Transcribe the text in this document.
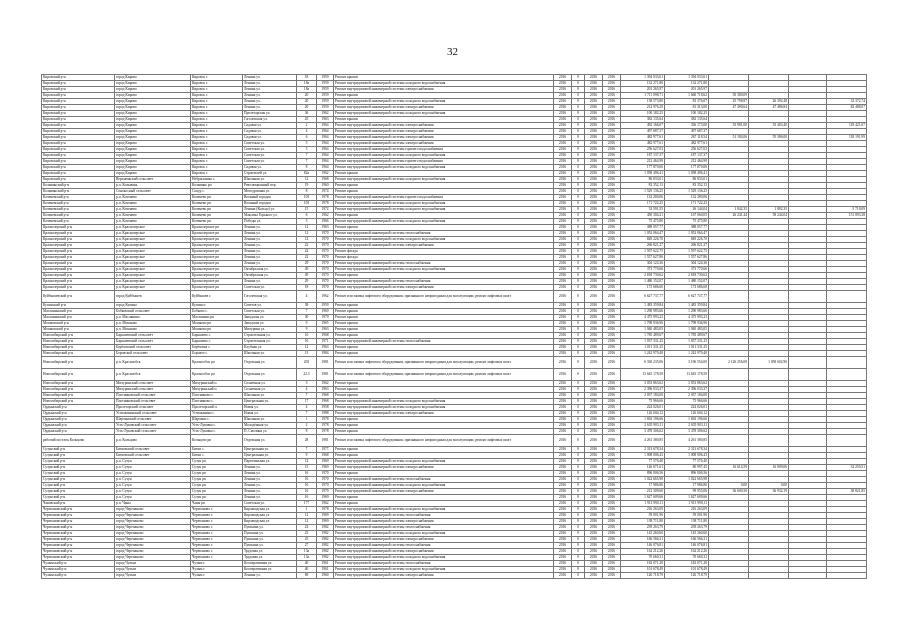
32
Кировский р-н	город Кирово	Кировск г.	Ленина ул.	18	1959	Ремонт крыши	2016	0	2016	2016	1 394 033,61	1 394 033,61				
Кировский р-н	город Кирово	Кировск г.	Ленина ул.	18а	1959	Ремонт внутридомовой инженерной системы холодного водоснабжения	2016	0	2016	2016	132 271,80	132 271,80				
Кировский р-н	город Кирово	Кировск г.	Ленина ул.	18а	1959	Ремонт внутридомовой инженерной системы электроснабжения	2016	0	2016	2016	201 265,97	201 265,97				
Кировский р-н	город Кирово	Кировск г.	Ленина ул.	20	1959	Ремонт крыши	2016	0	2016	2016	1 711 098,71	1 660 718,62	50 380,09			
Кировский р-н	город Кирово	Кировск г.	Ленина ул.	20	1959	Ремонт внутридомовой инженерной системы холодного водоснабжения	2016	0	2016	2016	138 573,80	83 376,07	25 798,87	26 392,48		32 372,74
Кировский р-н	город Кирово	Кировск г.	Ленина ул.	20	1959	Ремонт внутридомовой инженерной системы электроснабжения	2016	0	2016	2016	212 976,29	81 313,00	47 490,64	47 486,84		82 488,07
Кировский р-н	город Кирово	Кировск г.	Пролетарская ул.	36	1962	Ремонт внутридомовой инженерной системы холодного водоснабжения	2016	0	2016	2016	100 182,25	100 182,25				
Кировский р-н	город Кирово	Кировск г.	Гоголевская ул.	25	1963	Ремонт крыши	2016	0	2016	2016	382 135,64	382 135,64				
Кировский р-н	город Кирово	Кировск г.	Садовая ул.	2	1964	Ремонт внутридомовой инженерной системы электроснабжения	2016	0	2016	2016	492 166,07	336 173,00	55 981,00	55 403,40		118 421,67
Кировский р-н	город Кирово	Кировск г.	Садовая ул.	4	1964	Ремонт внутридомовой инженерной системы электроснабжения	2016	0	2016	2016	497 687,37	497 687,37				
Кировский р-н	город Кирово	Кировск г.	Садовая ул.	6	1964	Ремонт внутридомовой инженерной системы электроснабжения	2016	0	2016	2016	482 977,61	267 118,54	51 184,06	55 386,00		118 191,99
Кировский р-н	город Кирово	Кировск г.	Советская ул.	5	1964	Ремонт внутридомовой инженерной системы электроснабжения	2016	0	2016	2016	482 977,61	482 977,61				
Кировский р-н	город Кирово	Кировск г.	Советская ул.	5	1964	Ремонт внутридомовой инженерной системы горячего водоснабжения	2016	0	2016	2016	256 627,03	256 627,03				
Кировский р-н	город Кирово	Кировск г.	Советская ул.	7	1964	Ремонт внутридомовой инженерной системы холодного водоснабжения	2016	0	2016	2016	187 137,37	187 137,37				
Кировский р-н	город Кирово	Кировск г.	Советская ул.	7	1964	Ремонт внутридомовой инженерной системы горячего водоснабжения	2016	0	2016	2016	212 464,98	212 464,98				
Кировский р-н	город Кирово	Кировск г.	Садовая ул.	8	1964	Ремонт внутридомовой инженерной системы холодного водоснабжения	2016	0	2016	2016	177 870,06	177 870,06				
Кировский р-н	город Кирово	Кировск г.	Строителей ул.	82а	1962	Ремонт крыши	2016	0	2016	2016	1 058 496,41	1 058 496,41				
Кировский р-н	Верхнеякский сельсовет	Небраскинка с.	Школьная ул.	12	1968	Ремонт внутридомовой инженерной системы холодного водоснабжения	2016	0	2016	2016	86 833,01	86 833,01				
Колыванский р-н	р.п. Колывань	Колывань рп	Революционный пер.	19	1960	Ремонт крыши	2016	0	2016	2016	83 352,13	83 352,13				
Колыванский р-н	Сенокосный сельсовет	Сокур с.	Мотодромная ул.	8	1974	Ремонт крыши	2016	0	2016	2016	1 529 136,25	1 529 136,25				
Коченевский р-н	р.п. Коченево	Коченево рп	Военный городок	103	1978	Ремонт внутридомовой инженерной системы горячего водоснабжения	2016	0	2016	2016	132 280,06	132 280,06				
Коченевский р-н	р.п. Коченево	Коченево рп	Военный городок	103	1978	Ремонт внутридомовой инженерной системы холодного водоснабжения	2016	0	2016	2016	171 722,25	171 722,25				
Коченевский р-н	р.п. Коченево	Коченево рп	Ленина (Кольцо) ул.	15	1972	Ремонт внутридомовой инженерной системы холодного водоснабжения	2016	0	2016	2016	33 591,55	26 144,04	1 842,35	1 882,35		5 718,09
Коченевский р-н	р.п. Коченево	Коченево рп	Максима Горького ул.	6	1962	Ремонт крыши	2016	0	2016	2016	450 304,21	167 060,05	26 241,44	58 244,04		151 893,38
Коченевский р-н	р.п. Коченево	Коченево рп	Победы ул.	3	1966	Ремонт внутридомовой инженерной системы холодного водоснабжения	2016	0	2016	2016	75 475,80	75 475,80				
Краснозерский р-н	р.п. Краснозерское	Краснозерское рп	Ленина ул.	12	1963	Ремонт крыши	2016	0	2016	2016	388 057,77	388 057,77				
Краснозерский р-н	р.п. Краснозерское	Краснозерское рп	Ленина ул.	12	1970	Ремонт внутридомовой инженерной системы теплоснабжения	2016	0	2016	2016	1 052 064,47	1 052 064,47				
Краснозерский р-н	р.п. Краснозерское	Краснозерское рп	Ленина ул.	12	1970	Ремонт внутридомовой инженерной системы холодного водоснабжения	2016	0	2016	2016	849 226,70	849 226,70				
Краснозерский р-н	р.п. Краснозерское	Краснозерское рп	Ленина ул.	22	1970	Ремонт внутридомовой инженерной системы электроснабжения	2016	0	2016	2016	266 821,27	266 821,27				
Краснозерский р-н	р.п. Краснозерское	Краснозерское рп	Ленина ул.	22	1970	Ремонт фасада	2016	0	2016	2016	1 597 622,75	1 597 622,75				
Краснозерский р-н	р.п. Краснозерское	Краснозерское рп	Ленина ул.	22	1970	Ремонт фасада	2016	0	2016	2016	1 557 627,86	1 557 627,86				
Краснозерский р-н	р.п. Краснозерское	Краснозерское рп	Ленина ул.	29	1970	Ремонт внутридомовой инженерной системы теплоснабжения	2016	0	2016	2016	304 124,36	304 124,36				
Краснозерский р-н	р.п. Краснозерское	Краснозерское рп	Октябрьская ул.	49	1970	Ремонт внутридомовой инженерной системы холодного водоснабжения	2016	0	2016	2016	373 770,66	373 770,66				
Краснозерский р-н	р.п. Краснозерское	Краснозерское рп	Октябрьская ул.	49	1970	Ремонт крыши	2016	0	2016	2016	2 818 730,62	2 818 730,62				
Краснозерский р-н	р.п. Краснозерское	Краснозерское рп	Ленина ул.	29	1970	Ремонт внутридомовой инженерной системы теплоснабжения	2016	0	2016	2016	1 480 152,07	1 480 152,07				
Краснозерский р-н	р.п. Краснозерское	Краснозерское рп	Советская ул.	18	1970	Ремонт внутридомовой инженерной системы электроснабжения	2016	0	2016	2016	173 686,60	173 686,60				
Куйбышевский р-н	город Куйбышев	Куйбышев г.	Гоголевская ул.	4	1962	Ремонт или замена лифтового оборудования, признанного непригодным для эксплуатации, ремонт лифтовых шахт	2016	0	2016	2016	6 627 737,77	6 627 737,77				
Купинский р-н	город Купино	Купино г.	Советов ул.	38	1959	Ремонт крыши	2016	0	2016	2016	1 483 359,84	1 483 359,84				
Маслянинский р-н	Бобковский сельсовет	Бобково с.	Советская ул.	7	1960	Ремонт крыши	2016	0	2016	2016	1 290 983,66	1 290 983,66				
Маслянинский р-н	р.п. Маслянино	Маслянино рп	Заводская ул.	30	1979	Ремонт крыши	2016	0	2016	2016	4 475 993,23	4 475 993,23				
Мошковский р-н	р.п. Мошково	Мошково рп	Заводская ул.	9	1965	Ремонт крыши	2016	0	2016	2016	1 798 936,96	1 798 936,96				
Мошковский р-н	р.п. Мошково	Мошково рп	Мичурина ул.	9	1963	Ремонт крыши	2016	0	2016	2016	1 940 483,05	1 940 483,05				
Новосибирский р-н	Барышевский сельсовет	Барышево с.	Строительная ул.	16	1968	Ремонт крыши	2016	0	2016	2016	1 785 489,67	1 785 489,67				
Новосибирский р-н	Барышевский сельсовет	Барышево с.	Строительная ул.	16	1971	Ремонт внутридомовой инженерной системы теплоснабжения	2016	0	2016	2016	1 037 331,25	1 037 331,25				
Новосибирский р-н	Берёзовский сельсовет	Берёзовка с.	Клубная ул.	12	1963	Ремонт крыши	2016	0	2016	2016	1 011 331,25	1 011 331,25				
Новосибирский р-н	Боровской сельсовет	Боровое с.	Школьная ул.	13	1984	Ремонт крыши	2016	0	2016	2016	1 242 970,40	1 242 970,40				
Новосибирский р-н	р.п. Краснообск	Краснообск рп	Отдельная ул.	203	1981	Ремонт или замена лифтового оборудования, признанного непригодным для эксплуатации, ремонт лифтовых шахт	2016	0	2016	2016	6 330 235,06	3 196 554,00	2 126 256,08	1 058 602,96		
Новосибирский р-н	р.п. Краснообск	Краснообск рп	Отдельная ул.	22.5	1981	Ремонт или замена лифтового оборудования, признанного непригодным для эксплуатации, ремонт лифтовых шахт	2016	0	2016	2016	13 645 178,50	13 645 178,50				
Новосибирский р-н	Мичуринский сельсовет	Мичуринский п.	Солнечная ул.	3	1962	Ремонт крыши	2016	0	2016	2016	3 053 863,62	3 053 863,62				
Новосибирский р-н	Мичуринский сельсовет	Мичуринский п.	Солнечная ул.	4	1963	Ремонт крыши	2016	0	2016	2016	2 396 033,37	2 396 033,37				
Новосибирский р-н	Плотниковский сельсовет	Плотниково с.	Школьная ул.	7	1968	Ремонт крыши	2016	0	2016	2016	2 037 184,00	2 037 184,00				
Новосибирский р-н	Плотниковский сельсовет	Плотниково с.	Центральная ул.	17	1968	Ремонт внутридомовой инженерной системы холодного водоснабжения	2016	0	2016	2016	75 966,66	75 966,66				
Ордынский р-н	Пролетарский сельсовет	Пролетарский п.	Новая ул.	4	1958	Ремонт внутридомовой инженерной системы холодного водоснабжения	2016	0	2016	2016	224 026,01	224 026,01				
Ордынский р-н	Устюжанинский сельсовет	Устюжанино с.	Новая ул.	7	1988	Ремонт внутридомовой инженерной системы электроснабжения	2016	0	2016	2016	126 604,12	126 604,12				
Ордынский р-н	Шарчинский сельсовет	Шарчино с.	Школьная ул.	1	1978	Ремонт крыши	2016	0	2016	2016	1 692 196,66	1 692 196,66				
Ордынский р-н	Усть-Луковский сельсовет	Усть-Луковка с.	Молодёжная ул.	2	1978	Ремонт крыши	2016	0	2016	2016	2 635 903,11	2 635 903,11				
Ордынский р-н	Усть-Луковский сельсовет	Усть-Луковка с.	П. Смолина ул.	8	1978	Ремонт крыши	2016	0	2016	2016	3 478 306,62	3 478 306,62				
рабочий поселок Кольцово	р.п. Кольцово	Кольцово рп	Отдельная ул.	28	1981	Ремонт или замена лифтового оборудования, признанного непригодным для эксплуатации, ремонт лифтовых шахт	2016	0	2016	2016	4 261 380,85	4 261 380,85				
Сузунский р-н	Битковский сельсовет	Битки с.	Центральная ул.	7	1977	Ремонт крыши	2016	0	2016	2016	2 313 678,34	2 313 678,34				
Сузунский р-н	Битковский сельсовет	Битки с.	Центральная ул.	9	1968	Ремонт крыши	2016	0	2016	2016	1 008 006,43	1 008 006,43				
Сузунский р-н	р.п. Сузун	Сузун рп	Партизанская ул.	12	1969	Ремонт внутридомовой инженерной системы холодного водоснабжения	2016	0	2016	2016	77 576,40	77 576,40				
Сузунский р-н	р.п. Сузун	Сузун рп	Ленина ул.	15	1969	Ремонт внутридомовой инженерной системы электроснабжения	2016	0	2016	2016	146 671,61	80 997,45	16 614,59	16 809,06		32 250,51
Сузунский р-н	р.п. Сузун	Сузун рп	Ленина ул.	16	1970	Ремонт крыши	2016	0	2016	2016	896 006,56	896 006,56				
Сузунский р-н	р.п. Сузун	Сузун рп	Ленина ул.	16	1970	Ремонт внутридомовой инженерной системы теплоснабжения	2016	0	2016	2016	1 022 665,98	1 022 665,98				
Сузунский р-н	р.п. Сузун	Сузун рп	Ленина ул.	16	1970	Ремонт внутридомовой инженерной системы холодного водоснабжения	2016	0	2016	2016	17 986,86	17 986,86	0,00	0,00		
Сузунский р-н	р.п. Сузун	Сузун рп	Ленина ул.	16	1970	Ремонт внутридомовой инженерной системы электроснабжения	2016	0	2016	2016	212 309,60	99 955,06	36 600,50	36 932,19		38 821,85
Сузунский р-н	р.п. Сузун	Сузун рп	Ленина ул.	16	1969	Ремонт крыши	2016	0	2016	2016	1 627 609,66	1 627 609,66				
Чановский р-н	р.п. Чаны	Чаны рп	Советская ул.	177	1962	Ремонт крыши	2016	0	2016	2016	1 913 990,11	1 913 990,11				
Черепановский р-н	город Черепаново	Черепаново г.	Кирзаводская ул.	1	1978	Ремонт внутридомовой инженерной системы холодного водоснабжения	2016	0	2016	2016	216 263,09	216 263,09				
Черепановский р-н	город Черепаново	Черепаново г.	Кирзаводская ул.	12	1969	Ремонт внутридомовой инженерной системы теплоснабжения	2016	0	2016	2016	59 001,96	59 001,96				
Черепановский р-н	город Черепаново	Черепаново г.	Кирзаводская ул.	12	1969	Ремонт внутридомовой инженерной системы электроснабжения	2016	0	2016	2016	138 711,80	138 711,80				
Черепановский р-н	город Черепаново	Черепаново г.	Пушкина ул.	23	1982	Ремонт внутридомовой инженерной системы теплоснабжения	2016	0	2016	2016	239 263,79	239 263,79				
Черепановский р-н	город Черепаново	Черепаново г.	Пушкина ул.	23	1982	Ремонт внутридомовой инженерной системы холодного водоснабжения	2016	0	2016	2016	145 260,60	145 260,60				
Черепановский р-н	город Черепаново	Черепаново г.	Пушкина ул.	25	1982	Ремонт внутридомовой инженерной системы электроснабжения	2016	0	2016	2016	166 566,31	166 566,31				
Черепановский р-н	город Черепаново	Черепаново г.	Пушкина ул.	27	1982	Ремонт внутридомовой инженерной системы теплоснабжения	2016	0	2016	2016	146 076,81	146 076,81				
Черепановский р-н	город Черепаново	Черепаново г.	Трудовая ул.	13а	1982	Ремонт внутридомовой инженерной системы электроснабжения	2016	0	2016	2016	162 212,26	162 212,26				
Черепановский р-н	город Черепаново	Черепаново г.	Трудовая ул.	13а	1982	Ремонт внутридомовой инженерной системы холодного водоснабжения	2016	0	2016	2016	70 660,31	70 660,31				
Чулымский р-н	город Чулым	Чулым г.	Кооперативная ул.	40	1961	Ремонт внутридомовой инженерной системы теплоснабжения	2016	0	2016	2016	182 071,28	182 071,28				
Чулымский р-н	город Чулым	Чулым г.	Кооперативная ул.	40	1961	Ремонт внутридомовой инженерной системы холодного водоснабжения	2016	0	2016	2016	101 678,49	101 678,49				
Чулымский р-н	город Чулым	Чулым г.	Ленина ул.	69	1960	Ремонт внутридомовой инженерной системы электроснабжения	2016	0	2016	2016	126 718,79	126 718,79				
